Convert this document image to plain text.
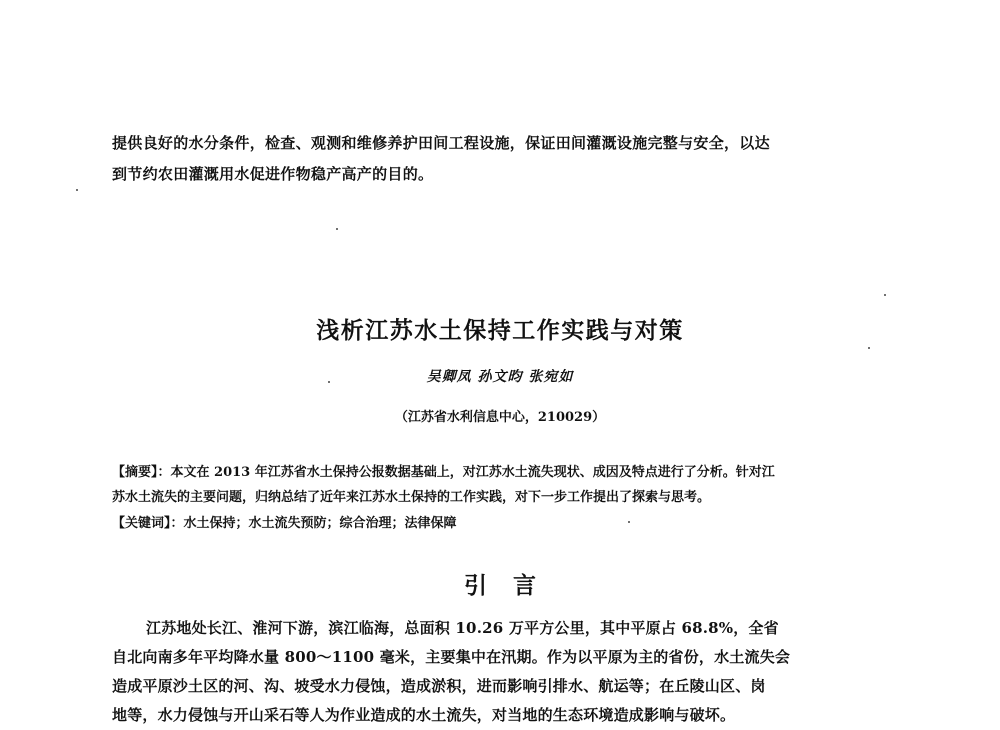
提供良好的水分条件，检查、观测和维修养护田间工程设施，保证田间灌溉设施完整与安全，以达

到节约农田灌溉用水促进作物稳产高产的目的。

浅析江苏水土保持工作实践与对策
吴卿凤 孙文昀 张宛如
（江苏省水利信息中心，210029）

【摘要】：本文在 2013 年江苏省水土保持公报数据基础上，对江苏水土流失现状、成因及特点进行了分析。针对江

苏水土流失的主要问题，归纳总结了近年来江苏水土保持的工作实践，对下一步工作提出了探索与思考。

【关键词】：水土保持；水土流失预防；综合治理；法律保障
引言

江苏地处长江、淮河下游，滨江临海，总面积 10.26 万平方公里，其中平原占 68.8%，全省

自北向南多年平均降水量 800～1100 毫米，主要集中在汛期。作为以平原为主的省份，水土流失会

造成平原沙土区的河、沟、坡受水力侵蚀，造成淤积，进而影响引排水、航运等；在丘陵山区、岗

地等，水力侵蚀与开山采石等人为作业造成的水土流失，对当地的生态环境造成影响与破坏。
